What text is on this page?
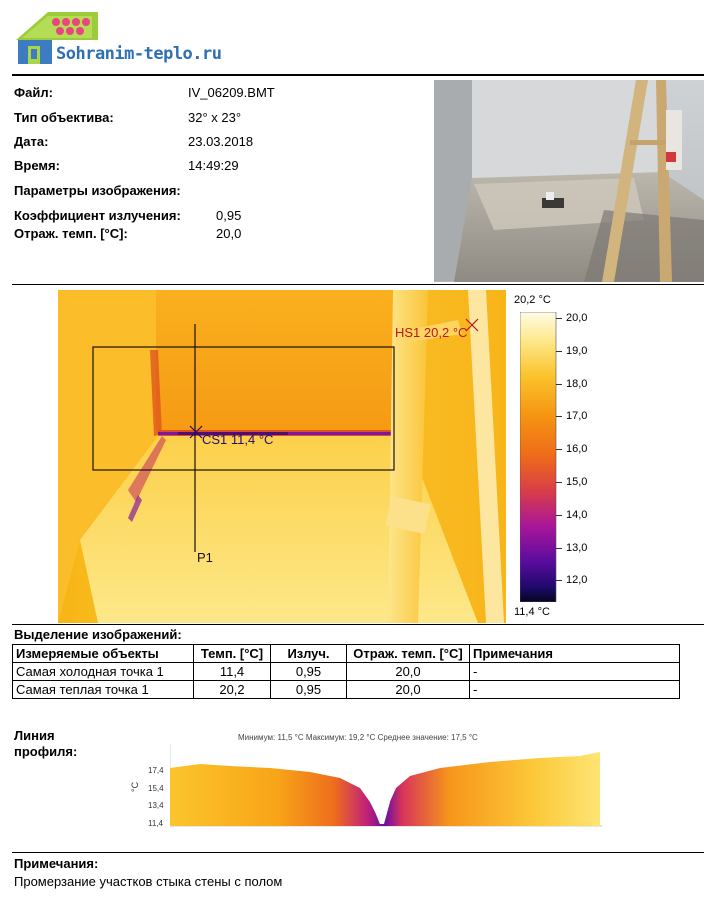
Sohranim-teplo.ru
Файл:	IV_06209.BMT
Тип объектива:	32° x 23°
Дата:	23.03.2018
Время:	14:49:29
Параметры изображения:
Коэффициент излучения:	0,95
Отраж. темп. [°C]:	20,0
HS1 20,2 °C
CS1 11,4 °C
P1
20,2 °C
11,4 °C
20,0
19,0
18,0
17,0
16,0
15,0
14,0
13,0
12,0
Выделение изображений:
Измеряемые объекты	Темп. [°C]	Излуч.	Отраж. темп. [°C]	Примечания
Самая холодная точка 1	11,4	0,95	20,0	-
Самая теплая точка 1	20,2	0,95	20,0	-
Линия
профиля:
Минимум: 11,5 °C Максимум: 19,2 °C Среднее значение: 17,5 °C
°C
17,4
15,4
13,4
11,4
Примечания:
Промерзание участков стыка стены с полом
